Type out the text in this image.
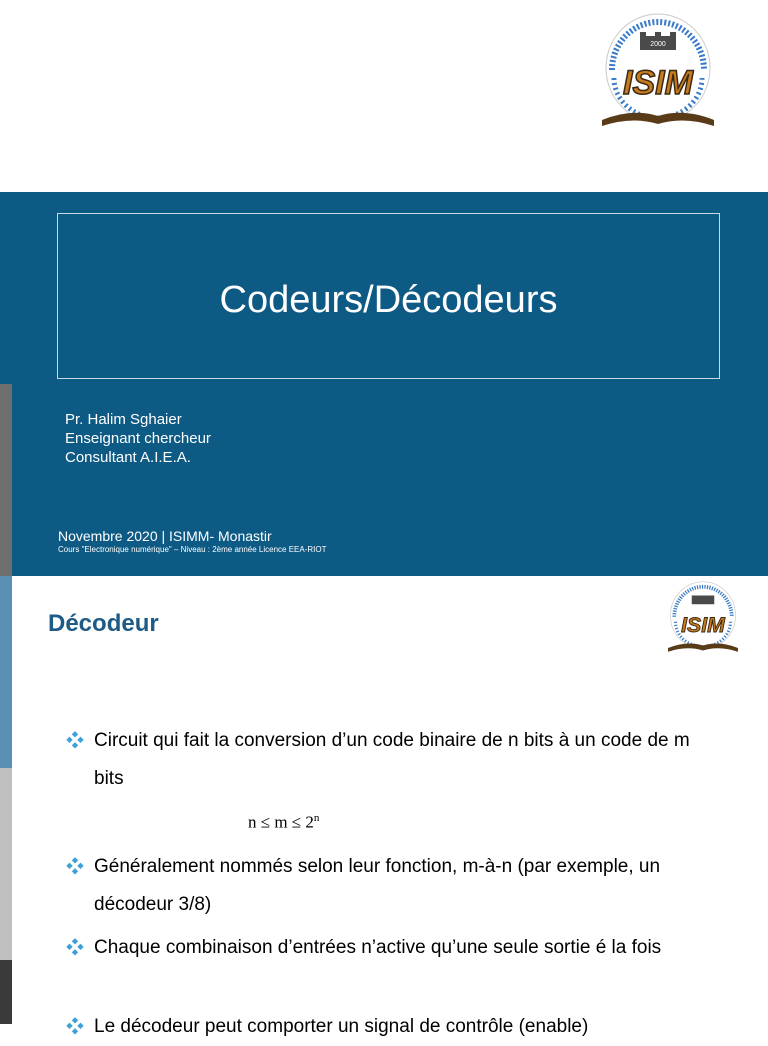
2000
ISIM
Codeurs/Décodeurs
Pr. Halim Sghaier
Enseignant chercheur
Consultant A.I.E.A.
Novembre 2020 | ISIMM- Monastir
Cours "Electronique numérique" – Niveau : 2ème année Licence EEA-RIOT
Décodeur
Circuit qui fait la conversion d’un code binaire de n bits à un code de m bits
$n \le m \le 2^n$
Généralement nommés selon leur fonction, m-à-n (par exemple, un décodeur 3/8)
Chaque combinaison d’entrées n’active qu’une seule sortie é la fois
Le décodeur peut comporter un signal de contrôle (enable)
ISIM
